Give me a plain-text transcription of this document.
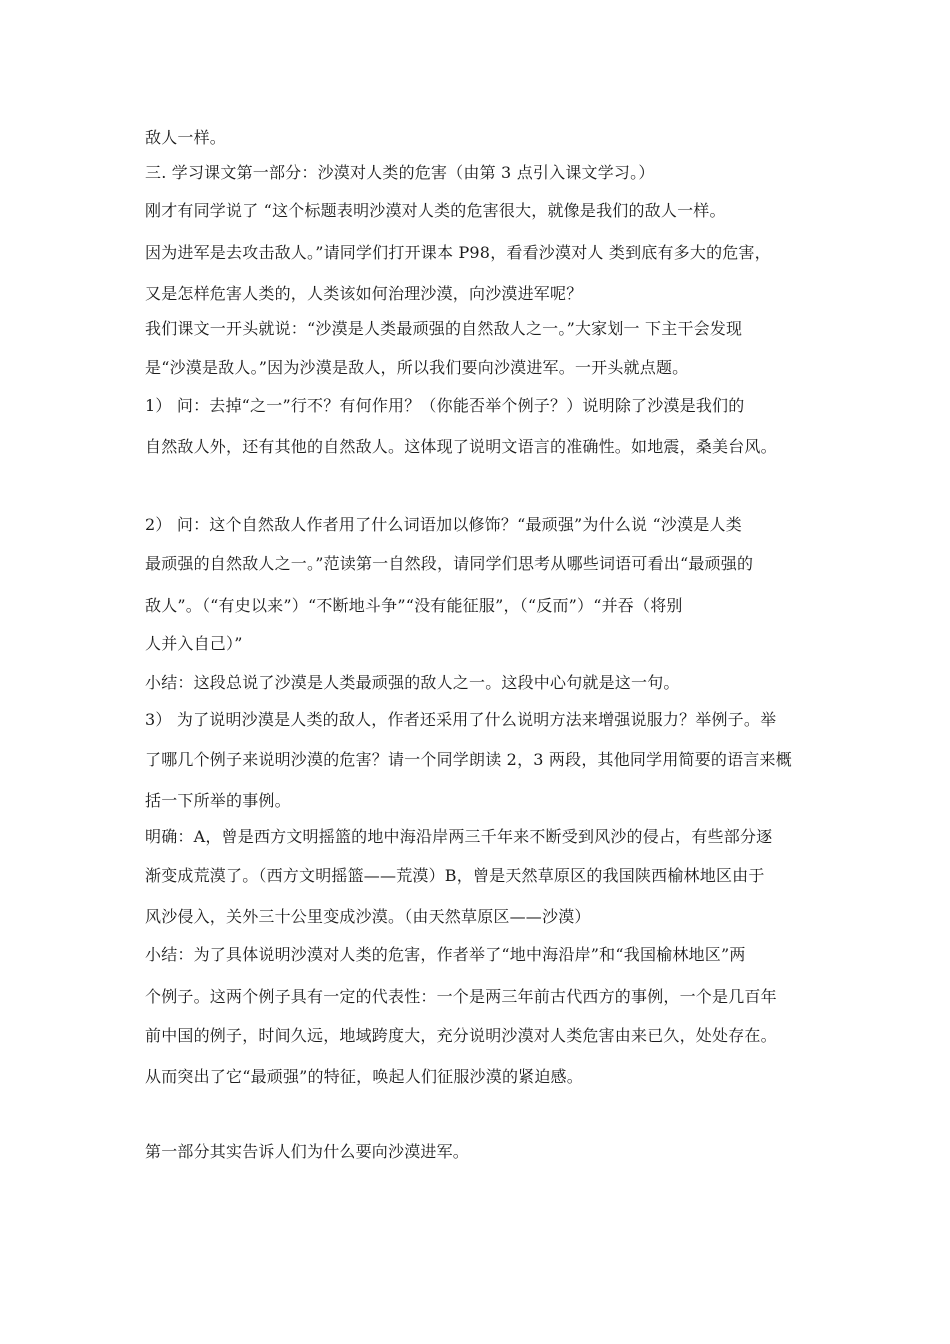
敌人一样。
三. 学习课文第一部分：沙漠对人类的危害（由第 3 点引入课文学习。）
刚才有同学说了 “这个标题表明沙漠对人类的危害很大，就像是我们的敌人一样。
因为进军是去攻击敌人。”请同学们打开课本 P98，看看沙漠对人 类到底有多大的危害，
又是怎样危害人类的，人类该如何治理沙漠，向沙漠进军呢？
我们课文一开头就说：“沙漠是人类最顽强的自然敌人之一。”大家划一 下主干会发现
是“沙漠是敌人。”因为沙漠是敌人，所以我们要向沙漠进军。一开头就点题。
1） 问：去掉“之一”行不？有何作用？（你能否举个例子？）说明除了沙漠是我们的
自然敌人外，还有其他的自然敌人。这体现了说明文语言的准确性。如地震，桑美台风。
2） 问：这个自然敌人作者用了什么词语加以修饰？“最顽强”为什么说 “沙漠是人类
最顽强的自然敌人之一。”范读第一自然段，请同学们思考从哪些词语可看出“最顽强的
敌人”。（“有史以来”）“不断地斗争”“没有能征服”，（“反而”）“并吞（将别
人并入自己）”
小结：这段总说了沙漠是人类最顽强的敌人之一。这段中心句就是这一句。
3） 为了说明沙漠是人类的敌人，作者还采用了什么说明方法来增强说服力？举例子。举
了哪几个例子来说明沙漠的危害？请一个同学朗读 2，3 两段，其他同学用简要的语言来概
括一下所举的事例。
明确：A，曾是西方文明摇篮的地中海沿岸两三千年来不断受到风沙的侵占，有些部分逐
渐变成荒漠了。（西方文明摇篮——荒漠）B，曾是天然草原区的我国陕西榆林地区由于
风沙侵入，关外三十公里变成沙漠。（由天然草原区——沙漠）
小结：为了具体说明沙漠对人类的危害，作者举了“地中海沿岸”和“我国榆林地区”两
个例子。这两个例子具有一定的代表性：一个是两三年前古代西方的事例，一个是几百年
前中国的例子，时间久远，地域跨度大，充分说明沙漠对人类危害由来已久，处处存在。
从而突出了它“最顽强”的特征，唤起人们征服沙漠的紧迫感。
第一部分其实告诉人们为什么要向沙漠进军。
